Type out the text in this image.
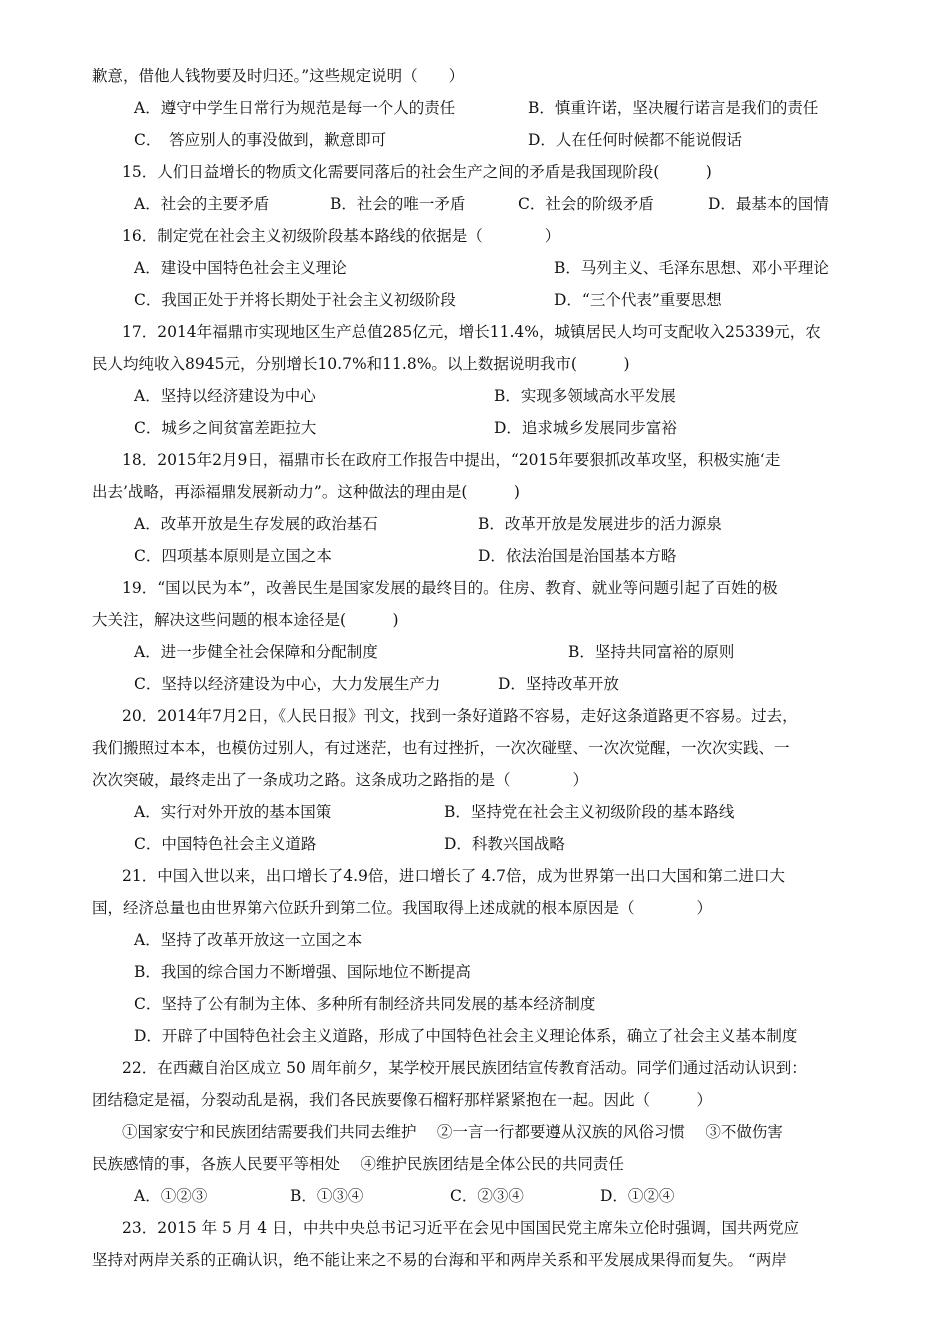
歉意，借他人钱物要及时归还。”这些规定说明（　　）
A．遵守中学生日常行为规范是每一个人的责任	B．慎重许诺，坚决履行诺言是我们的责任
C．　答应别人的事没做到，歉意即可	D．人在任何时候都不能说假话
15．人们日益增长的物质文化需要同落后的社会生产之间的矛盾是我国现阶段(　　　)
A．社会的主要矛盾	B．社会的唯一矛盾	C．社会的阶级矛盾	D．最基本的国情
16．制定党在社会主义初级阶段基本路线的依据是（　　　　）
A．建设中国特色社会主义理论	B．马列主义、毛泽东思想、邓小平理论
C．我国正处于并将长期处于社会主义初级阶段	D．“三个代表”重要思想
17．2014年福鼎市实现地区生产总值285亿元，增长11.4%，城镇居民人均可支配收入25339元，农
民人均纯收入8945元，分别增长10.7%和11.8%。以上数据说明我市(　　　)
A．坚持以经济建设为中心	B．实现多领域高水平发展
C．城乡之间贫富差距拉大	D．追求城乡发展同步富裕
18．2015年2月9日，福鼎市长在政府工作报告中提出，“2015年要狠抓改革攻坚，积极实施‘走
出去’战略，再添福鼎发展新动力”。这种做法的理由是(　　　)
A．改革开放是生存发展的政治基石	B．改革开放是发展进步的活力源泉
C．四项基本原则是立国之本	D．依法治国是治国基本方略
19．“国以民为本”，改善民生是国家发展的最终目的。住房、教育、就业等问题引起了百姓的极
大关注，解决这些问题的根本途径是(　　　)
A．进一步健全社会保障和分配制度	B．坚持共同富裕的原则
C．坚持以经济建设为中心，大力发展生产力	D．坚持改革开放
20．2014年7月2日，《人民日报》刊文，找到一条好道路不容易，走好这条道路更不容易。过去，
我们搬照过本本，也模仿过别人，有过迷茫，也有过挫折，一次次碰壁、一次次觉醒，一次次实践、一
次次突破，最终走出了一条成功之路。这条成功之路指的是（　　　　）
A．实行对外开放的基本国策	B．坚持党在社会主义初级阶段的基本路线
C．中国特色社会主义道路	D．科教兴国战略
21．中国入世以来，出口增长了4.9倍，进口增长了 4.7倍，成为世界第一出口大国和第二进口大
国，经济总量也由世界第六位跃升到第二位。我国取得上述成就的根本原因是（　　　　）
A．坚持了改革开放这一立国之本
B．我国的综合国力不断增强、国际地位不断提高
C．坚持了公有制为主体、多种所有制经济共同发展的基本经济制度
D．开辟了中国特色社会主义道路，形成了中国特色社会主义理论体系，确立了社会主义基本制度
22．在西藏自治区成立 50 周年前夕，某学校开展民族团结宣传教育活动。同学们通过活动认识到：
团结稳定是福，分裂动乱是祸，我们各民族要像石榴籽那样紧紧抱在一起。因此（　　　）
①国家安宁和民族团结需要我们共同去维护　 ②一言一行都要遵从汉族的风俗习惯　 ③不做伤害
民族感情的事，各族人民要平等相处　 ④维护民族团结是全体公民的共同责任
A．①②③	B．①③④	C．②③④	D．①②④
23．2015 年 5 月 4 日，中共中央总书记习近平在会见中国国民党主席朱立伦时强调，国共两党应
坚持对两岸关系的正确认识，绝不能让来之不易的台海和平和两岸关系和平发展成果得而复失。 “两岸
